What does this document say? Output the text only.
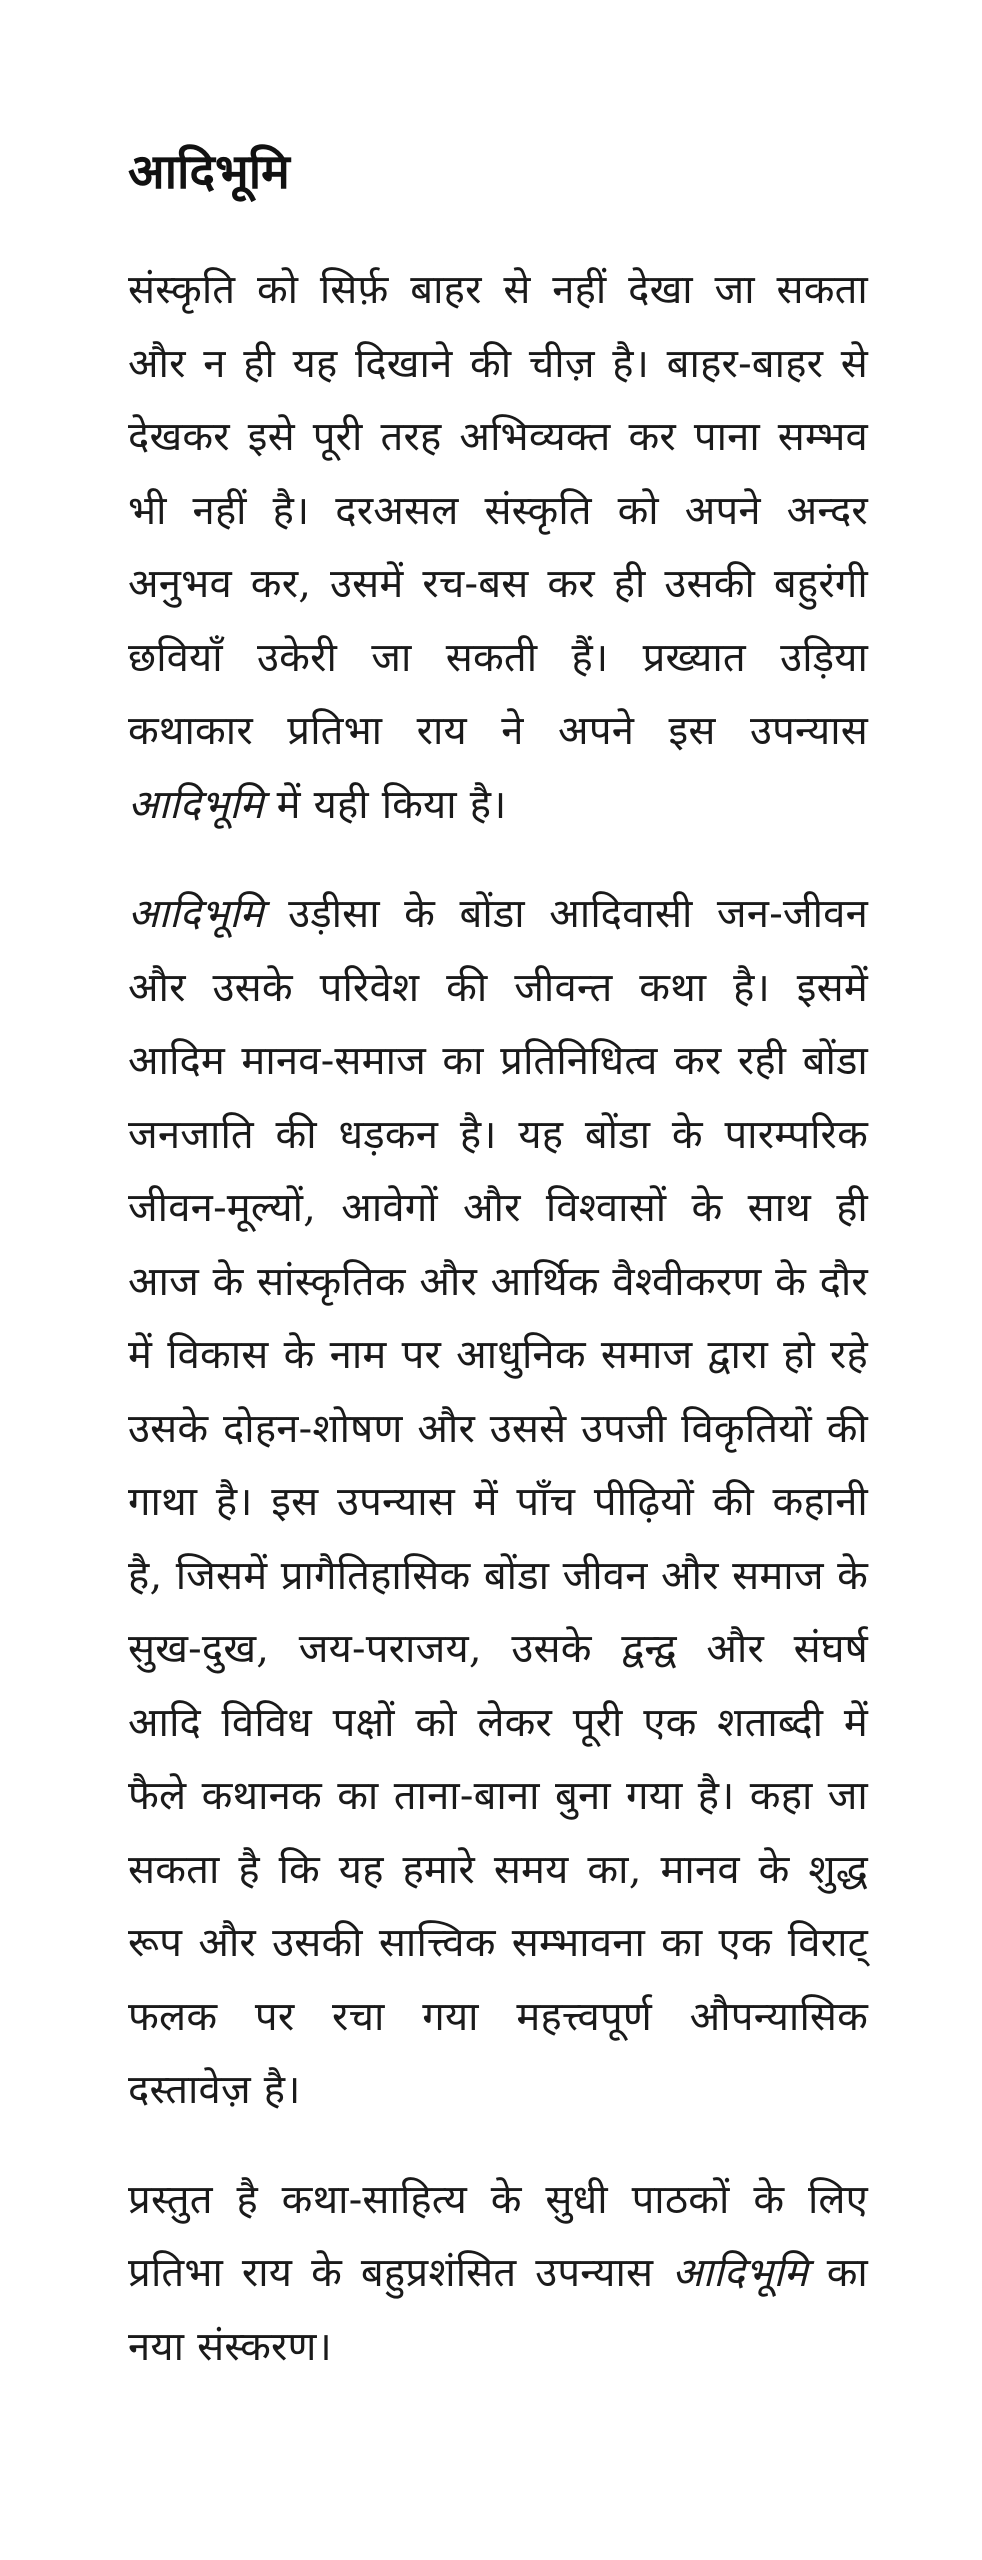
आदिभूमि

संस्कृति को सिर्फ़ बाहर से नहीं देखा जा सकता और न ही यह दिखाने की चीज़ है। बाहर-बाहर से देखकर इसे पूरी तरह अभिव्यक्त कर पाना सम्भव भी नहीं है। दरअसल संस्कृति को अपने अन्दर अनुभव कर, उसमें रच-बस कर ही उसकी बहुरंगी छवियाँ उकेरी जा सकती हैं। प्रख्यात उड़िया कथाकार प्रतिभा राय ने अपने इस उपन्यास आदिभूमि में यही किया है।

आदिभूमि उड़ीसा के बोंडा आदिवासी जन-जीवन और उसके परिवेश की जीवन्त कथा है। इसमें आदिम मानव-समाज का प्रतिनिधित्व कर रही बोंडा जनजाति की धड़कन है। यह बोंडा के पारम्परिक जीवन-मूल्यों, आवेगों और विश्वासों के साथ ही आज के सांस्कृतिक और आर्थिक वैश्वीकरण के दौर में विकास के नाम पर आधुनिक समाज द्वारा हो रहे उसके दोहन-शोषण और उससे उपजी विकृतियों की गाथा है। इस उपन्यास में पाँच पीढ़ियों की कहानी है, जिसमें प्रागैतिहासिक बोंडा जीवन और समाज के सुख-दुख, जय-पराजय, उसके द्वन्द्व और संघर्ष आदि विविध पक्षों को लेकर पूरी एक शताब्दी में फैले कथानक का ताना-बाना बुना गया है। कहा जा सकता है कि यह हमारे समय का, मानव के शुद्ध रूप और उसकी सात्त्विक सम्भावना का एक विराट् फलक पर रचा गया महत्त्वपूर्ण औपन्यासिक दस्तावेज़ है।

प्रस्तुत है कथा-साहित्य के सुधी पाठकों के लिए प्रतिभा राय के बहुप्रशंसित उपन्यास आदिभूमि का नया संस्करण।
